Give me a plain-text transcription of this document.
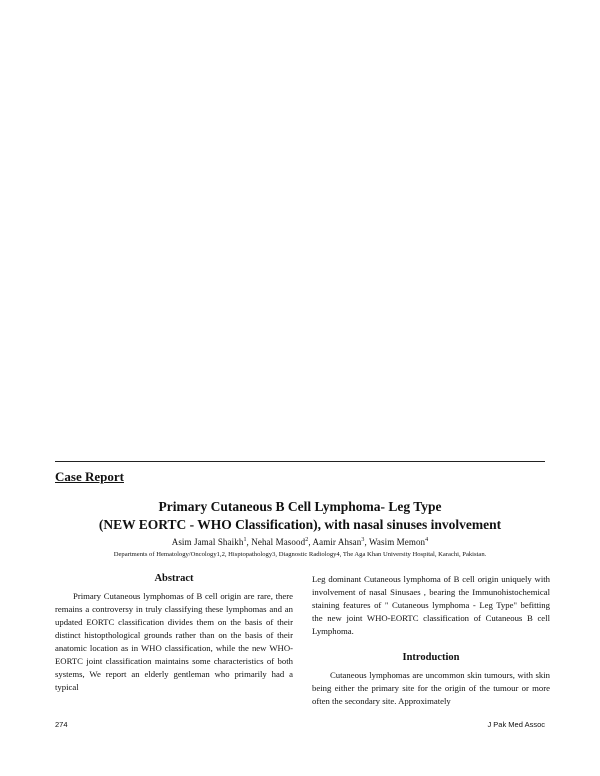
Case Report
Primary Cutaneous B Cell Lymphoma- Leg Type
(NEW EORTC - WHO Classification), with nasal sinuses involvement
Asim Jamal Shaikh$^1$, Nehal Masood$^2$, Aamir Ahsan$^3$, Wasim Memon$^4$
Departments of Hematology/Oncology1,2, Hisptopathology3, Diagnostic Radiology4, The Aga Khan University Hospital, Karachi, Pakistan.
Abstract

Primary Cutaneous lymphomas of B cell origin are rare, there remains a controversy in truly classifying these lymphomas and an updated EORTC classification divides them on the basis of their distinct histopthological grounds rather than on the basis of their anatomic location as in WHO classification, while the new WHO- EORTC joint classification maintains some characteristics of both systems, We report an elderly gentleman who primarily had a typical

Leg dominant Cutaneous lymphoma of B cell origin uniquely with involvement of nasal Sinusaes , bearing the Immunohistochemical staining features of " Cutaneous lymphoma - Leg Type" befitting the new joint WHO-EORTC classification of Cutaneous B cell Lymphoma.

Introduction

Cutaneous lymphomas are uncommon skin tumours, with skin being either the primary site for the origin of the tumour or more often the secondary site. Approximately

274	J Pak Med Assoc
